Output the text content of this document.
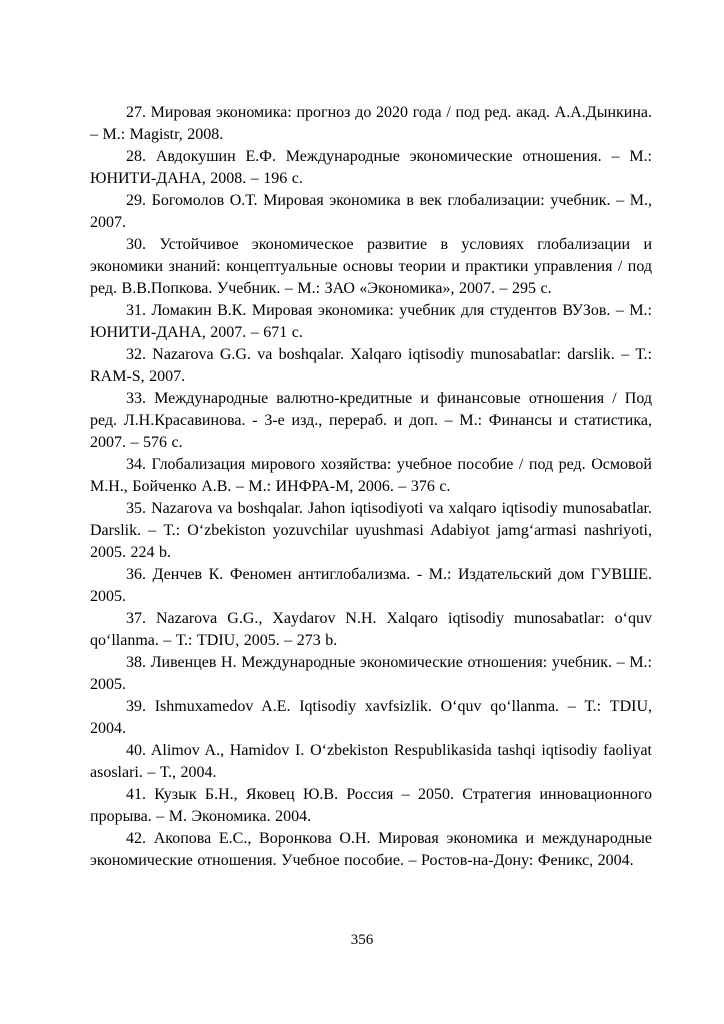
27. Мировая экономика: прогноз до 2020 года / под ред. акад. А.А.Дынкина. – М.: Magistr, 2008.

28. Авдокушин Е.Ф. Международные экономические отношения. – М.: ЮНИТИ-ДАНА, 2008. – 196 с.

29. Богомолов О.Т. Мировая экономика в век глобализации: учебник. – М., 2007.

30. Устойчивое экономическое развитие в условиях глобализации и экономики знаний: концептуальные основы теории и практики управления / под ред. В.В.Попкова. Учебник. – М.: ЗАО «Экономика», 2007. – 295 с.

31. Ломакин В.К. Мировая экономика: учебник для студентов ВУЗов. – М.: ЮНИТИ-ДАНА, 2007. – 671 с.

32. Nazarova G.G. va boshqalar. Xalqaro iqtisodiy munosabatlar: darslik. – Т.: RAM-S, 2007.

33. Международные валютно-кредитные и финансовые отношения / Под ред. Л.Н.Красавинова. - 3-е изд., перераб. и доп. – М.: Финансы и статистика, 2007. – 576 с.

34. Глобализация мирового хозяйства: учебное пособие / под ред. Осмовой М.Н., Бойченко А.В. – М.: ИНФРА-М, 2006. – 376 с.

35. Nazarova va boshqalar. Jahon iqtisodiyoti va xalqaro iqtisodiy munosabatlar. Darslik. – Т.: Oʻzbekiston yozuvchilar uyushmasi Adabiyot jamgʻarmasi nashriyoti, 2005. 224 b.

36. Денчев К. Феномен антиглобализма. - М.: Издательский дом ГУВШЕ. 2005.

37. Nazarova G.G., Xaydarov N.H. Xalqaro iqtisodiy munosabatlar: oʻquv qoʻllanma. – Т.: TDIU, 2005. – 273 b.

38. Ливенцев Н. Международные экономические отношения: учебник. – М.: 2005.

39. Ishmuxamedov A.E. Iqtisodiy xavfsizlik. Oʻquv qoʻllanma. – Т.: TDIU, 2004.

40. Alimov A., Hamidov I. Oʻzbekiston Respublikasida tashqi iqtisodiy faoliyat asoslari. – Т., 2004.

41. Кузык Б.Н., Яковец Ю.В. Россия – 2050. Стратегия инновационного прорыва. – М. Экономика. 2004.

42. Акопова Е.С., Воронкова О.Н. Мировая экономика и международные экономические отношения. Учебное пособие. – Ростов-на-Дону: Феникс, 2004.

356
